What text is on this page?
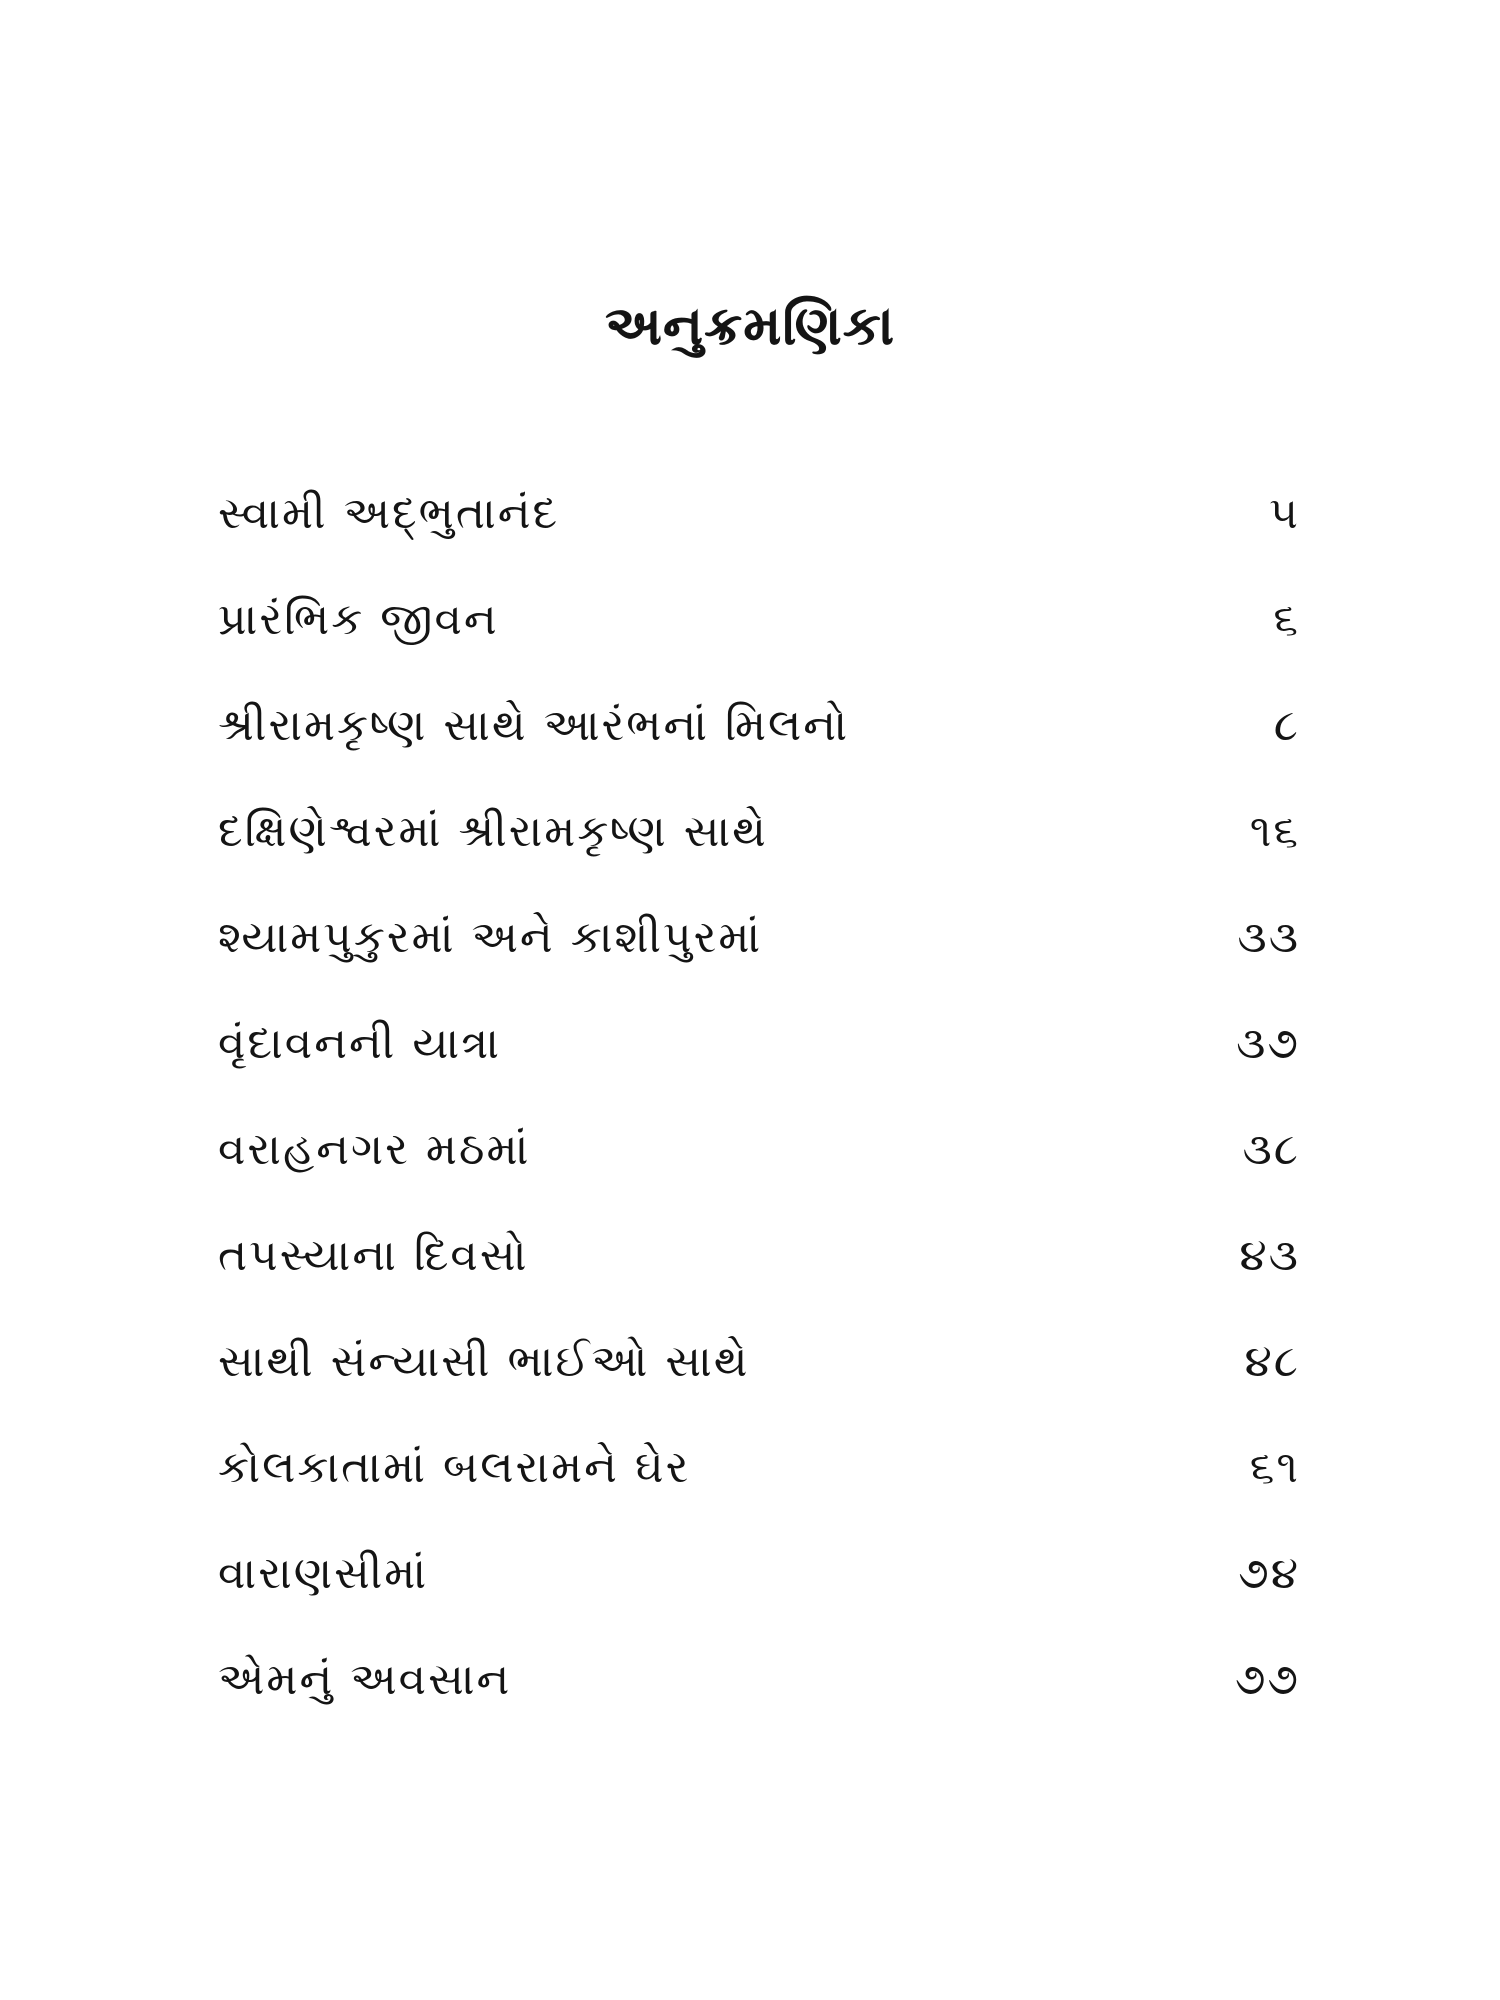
અનુક્રમણિકા
સ્વામી અદ્ભુતાનંદ	૫
પ્રારંભિક જીવન	૬
શ્રીરામકૃષ્ણ સાથે આરંભનાં મિલનો	૮
દક્ષિણેશ્વરમાં શ્રીરામકૃષ્ણ સાથે	૧૬
શ્યામપુકુરમાં અને કાશીપુરમાં	૩૩
વૃંદાવનની યાત્રા	૩૭
વરાહનગર મઠમાં	૩૮
તપસ્યાના દિવસો	૪૩
સાથી સંન્યાસી ભાઈઓ સાથે	૪૮
કોલકાતામાં બલરામને ઘેર	૬૧
વારાણસીમાં	૭૪
એમનું અવસાન	૭૭
